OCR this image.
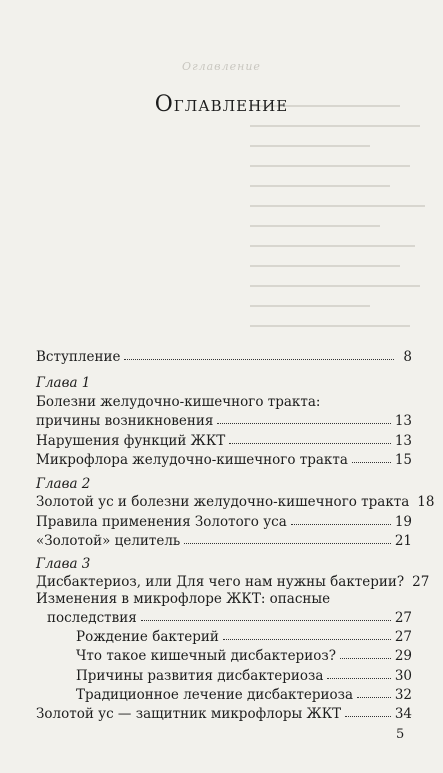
Оглавление
Оглавление
Вступление	8
Глава 1
Болезни желудочно-кишечного тракта:
причины возникновения	13
Нарушения функций ЖКТ	13
Микрофлора желудочно-кишечного тракта	15
Глава 2
Золотой ус и болезни желудочно-кишечного тракта 18
Правила применения Золотого уса	19
«Золотой» целитель	21
Глава 3
Дисбактериоз, или Для чего нам нужны бактерии? 27
Изменения в микрофлоре ЖКТ: опасные
последствия	27
Рождение бактерий	27
Что такое кишечный дисбактериоз?	29
Причины развития дисбактериоза	30
Традиционное лечение дисбактериоза	32
Золотой ус — защитник микрофлоры ЖКТ	34
5
